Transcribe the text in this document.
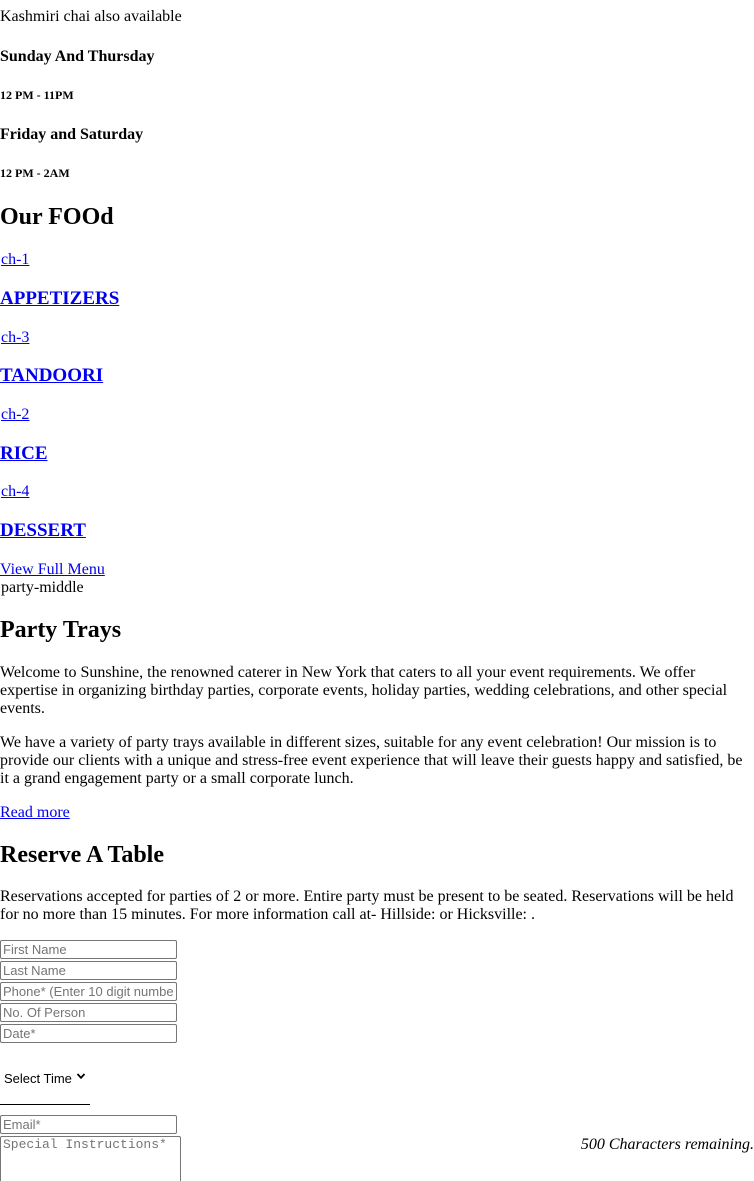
Kashmiri chai also available

Sunday And Thursday
12 PM - 11PM
Friday and Saturday
12 PM - 2AM
Our FOOd
ch-1
APPETIZERS
ch-3
TANDOORI
ch-2
RICE
ch-4
DESSERT
View Full Menu
party-middle
Party Trays

Welcome to Sunshine, the renowned caterer in New York that caters to all your event requirements. We offer expertise in organizing birthday parties, corporate events, holiday parties, wedding celebrations, and other special events.

We have a variety of party trays available in different sizes, suitable for any event celebration! Our mission is to provide our clients with a unique and stress-free event experience that will leave their guests happy and satisfied, be it a grand engagement party or a small corporate lunch.

Read more
Reserve A Table

Reservations accepted for parties of 2 or more. Entire party must be present to be seated. Reservations will be held for no more than 15 minutes. For more information call at- Hillside: or Hicksville: .

First Name
Last Name
Phone* (Enter 10 digit number)
No. Of Person
Date*
Select Time
Email*
Special Instructions*
500 Characters remaining.
